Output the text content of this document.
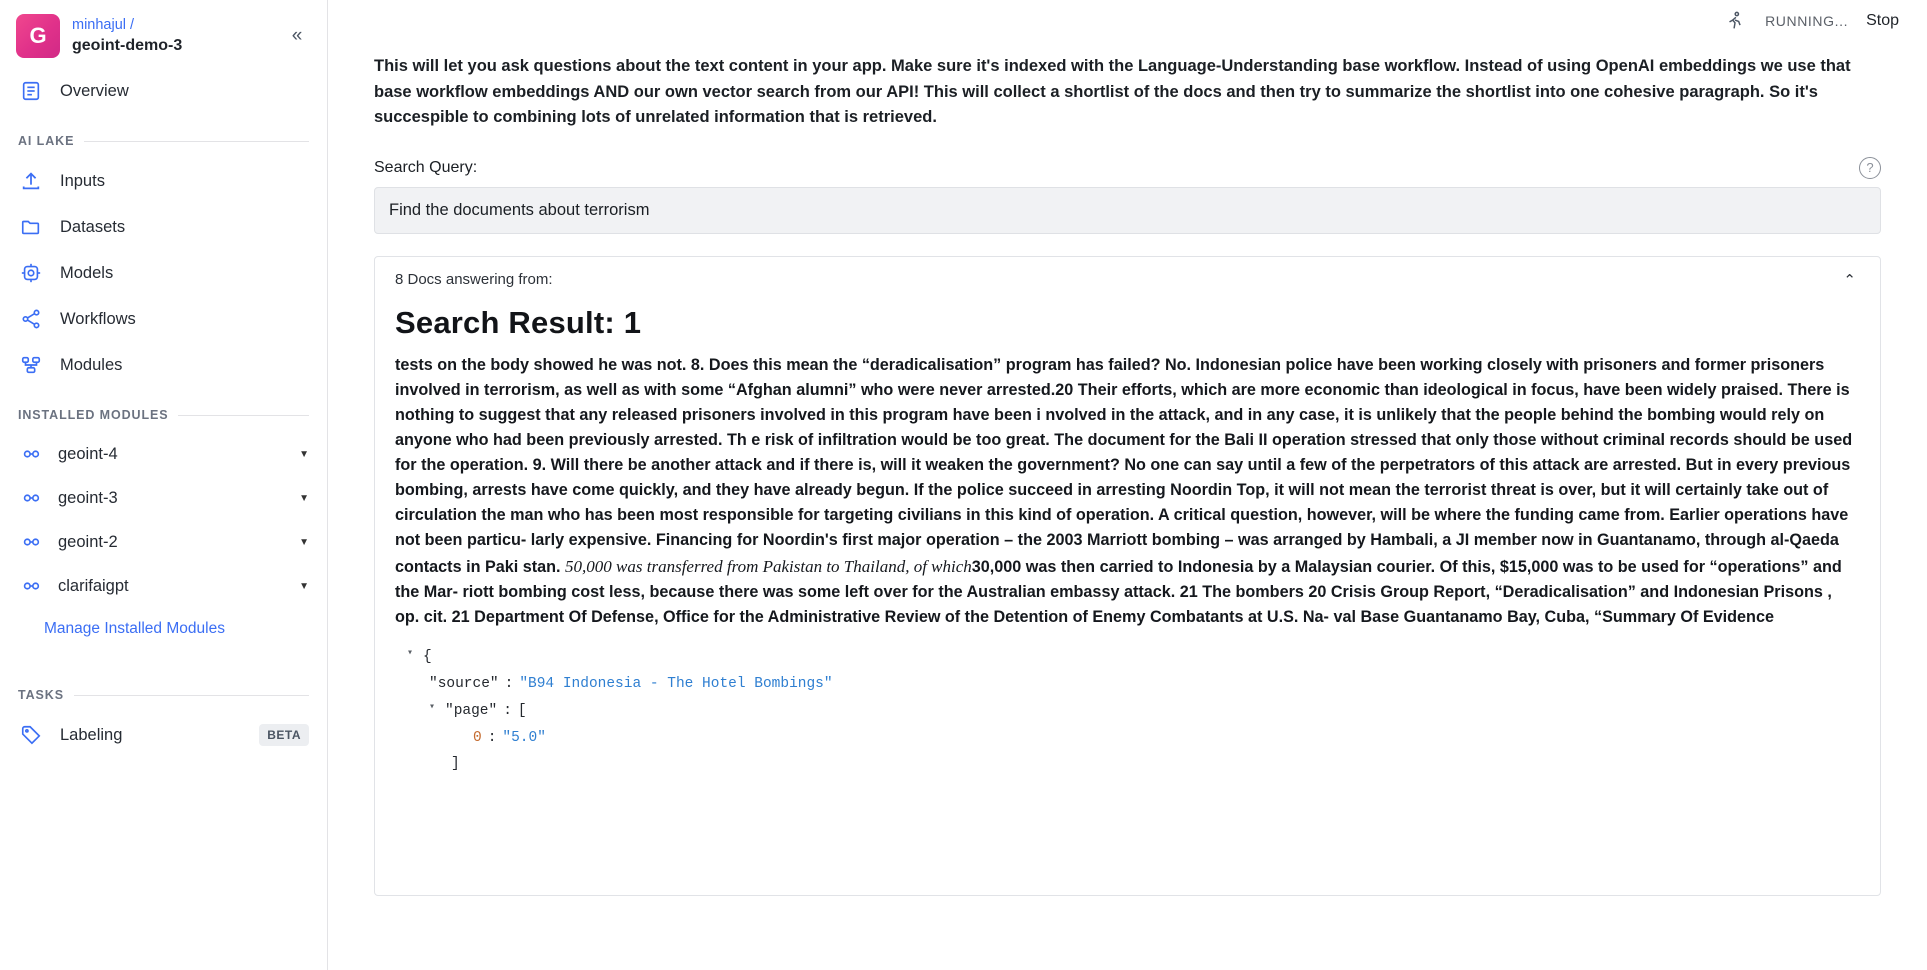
G	minhajul /
geoint-demo-3	«
Overview
AI LAKE
Inputs
Datasets
Models
Workflows
Modules
INSTALLED MODULES
geoint-4	▼
geoint-3	▼
geoint-2	▼
clarifaigpt	▼
Manage Installed Modules
TASKS
Labeling	BETA
RUNNING... Stop
This will let you ask questions about the text content in your app. Make sure it's indexed with the Language-Understanding base workflow. Instead of using OpenAI embeddings we use that base workflow embeddings AND our own vector search from our API! This will collect a shortlist of the docs and then try to summarize the shortlist into one cohesive paragraph. So it's succespible to combining lots of unrelated information that is retrieved.
Search Query:	?
Find the documents about terrorism
8 Docs answering from:	⌃
Search Result: 1
tests on the body showed he was not. 8. Does this mean the “deradicalisation” program has failed? No. Indonesian police have been working closely with prisoners and former prisoners involved in terrorism, as well as with some “Afghan alumni” who were never arrested.20 Their efforts, which are more economic than ideological in focus, have been widely praised. There is nothing to suggest that any released prisoners involved in this program have been i nvolved in the attack, and in any case, it is unlikely that the people behind the bombing would rely on anyone who had been previously arrested. Th e risk of infiltration would be too great. The document for the Bali II operation stressed that only those without criminal records should be used for the operation. 9. Will there be another attack and if there is, will it weaken the government? No one can say until a few of the perpetrators of this attack are arrested. But in every previous bombing, arrests have come quickly, and they have already begun. If the police succeed in arresting Noordin Top, it will not mean the terrorist threat is over, but it will certainly take out of circulation the man who has been most responsible for targeting civilians in this kind of operation. A critical question, however, will be where the funding came from. Earlier operations have not been particu- larly expensive. Financing for Noordin's first major operation – the 2003 Marriott bombing – was arranged by Hambali, a JI member now in Guantanamo, through al-Qaeda contacts in Paki stan. 50,000 was transferred from Pakistan to Thailand, of which30,000 was then carried to Indonesia by a Malaysian courier. Of this, $15,000 was to be used for “operations” and the Mar- riott bombing cost less, because there was some left over for the Australian embassy attack. 21 The bombers 20 Crisis Group Report, “Deradicalisation” and Indonesian Prisons , op. cit. 21 Department Of Defense, Office for the Administrative Review of the Detention of Enemy Combatants at U.S. Na- val Base Guantanamo Bay, Cuba, “Summary Of Evidence
▾ {
"source" : "B94 Indonesia - The Hotel Bombings"
▾ "page" : [
0 : "5.0"
]
